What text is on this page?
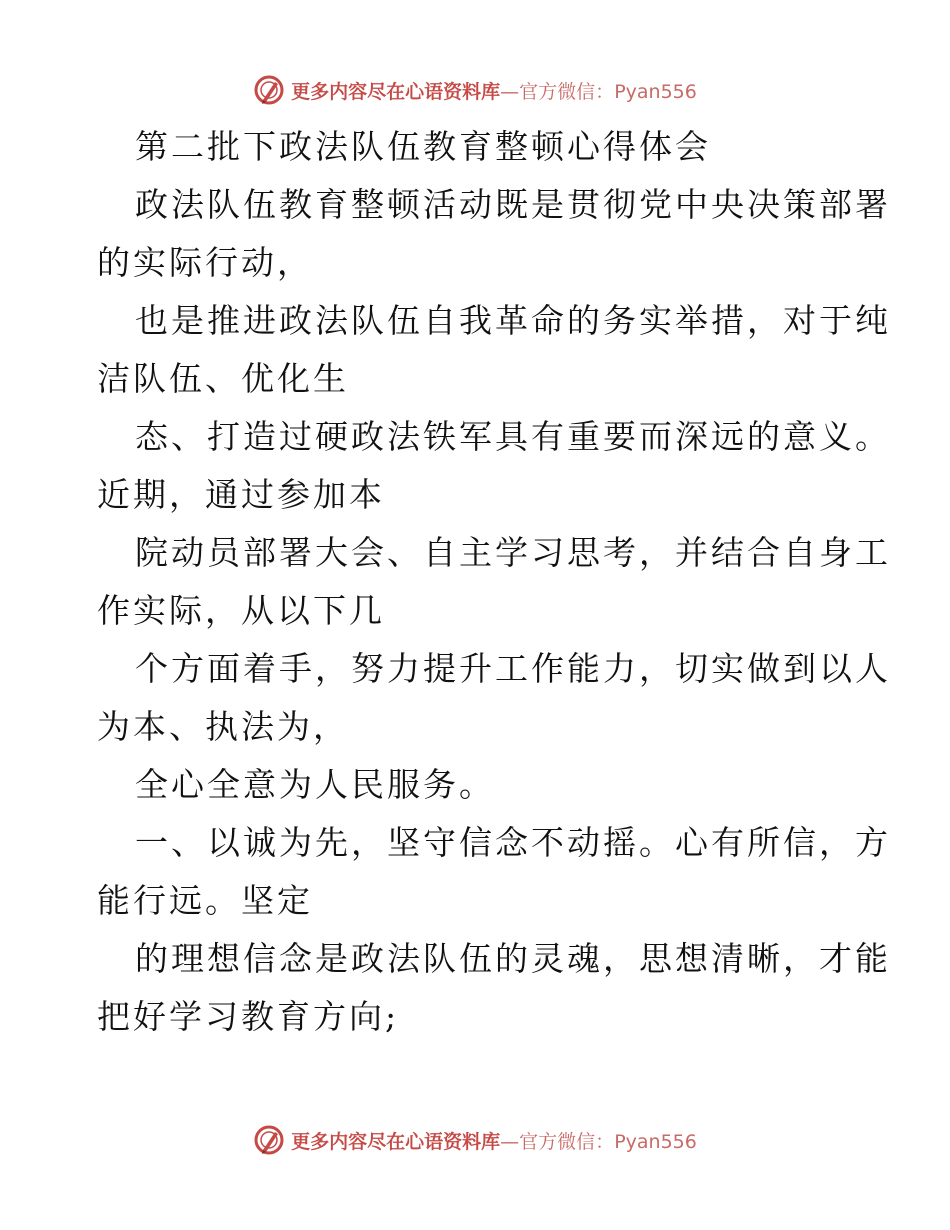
更多内容尽在心语资料库—官方微信：Pyan556

第二批下政法队伍教育整顿心得体会

政法队伍教育整顿活动既是贯彻党中央决策部署
的实际行动，

也是推进政法队伍自我革命的务实举措，对于纯
洁队伍、优化生

态、打造过硬政法铁军具有重要而深远的意义。
近期，通过参加本

院动员部署大会、自主学习思考，并结合自身工
作实际，从以下几

个方面着手，努力提升工作能力，切实做到以人
为本、执法为，

全心全意为人民服务。

一、以诚为先，坚守信念不动摇。心有所信，方
能行远。坚定

的理想信念是政法队伍的灵魂，思想清晰，才能
把好学习教育方向;

更多内容尽在心语资料库—官方微信：Pyan556
